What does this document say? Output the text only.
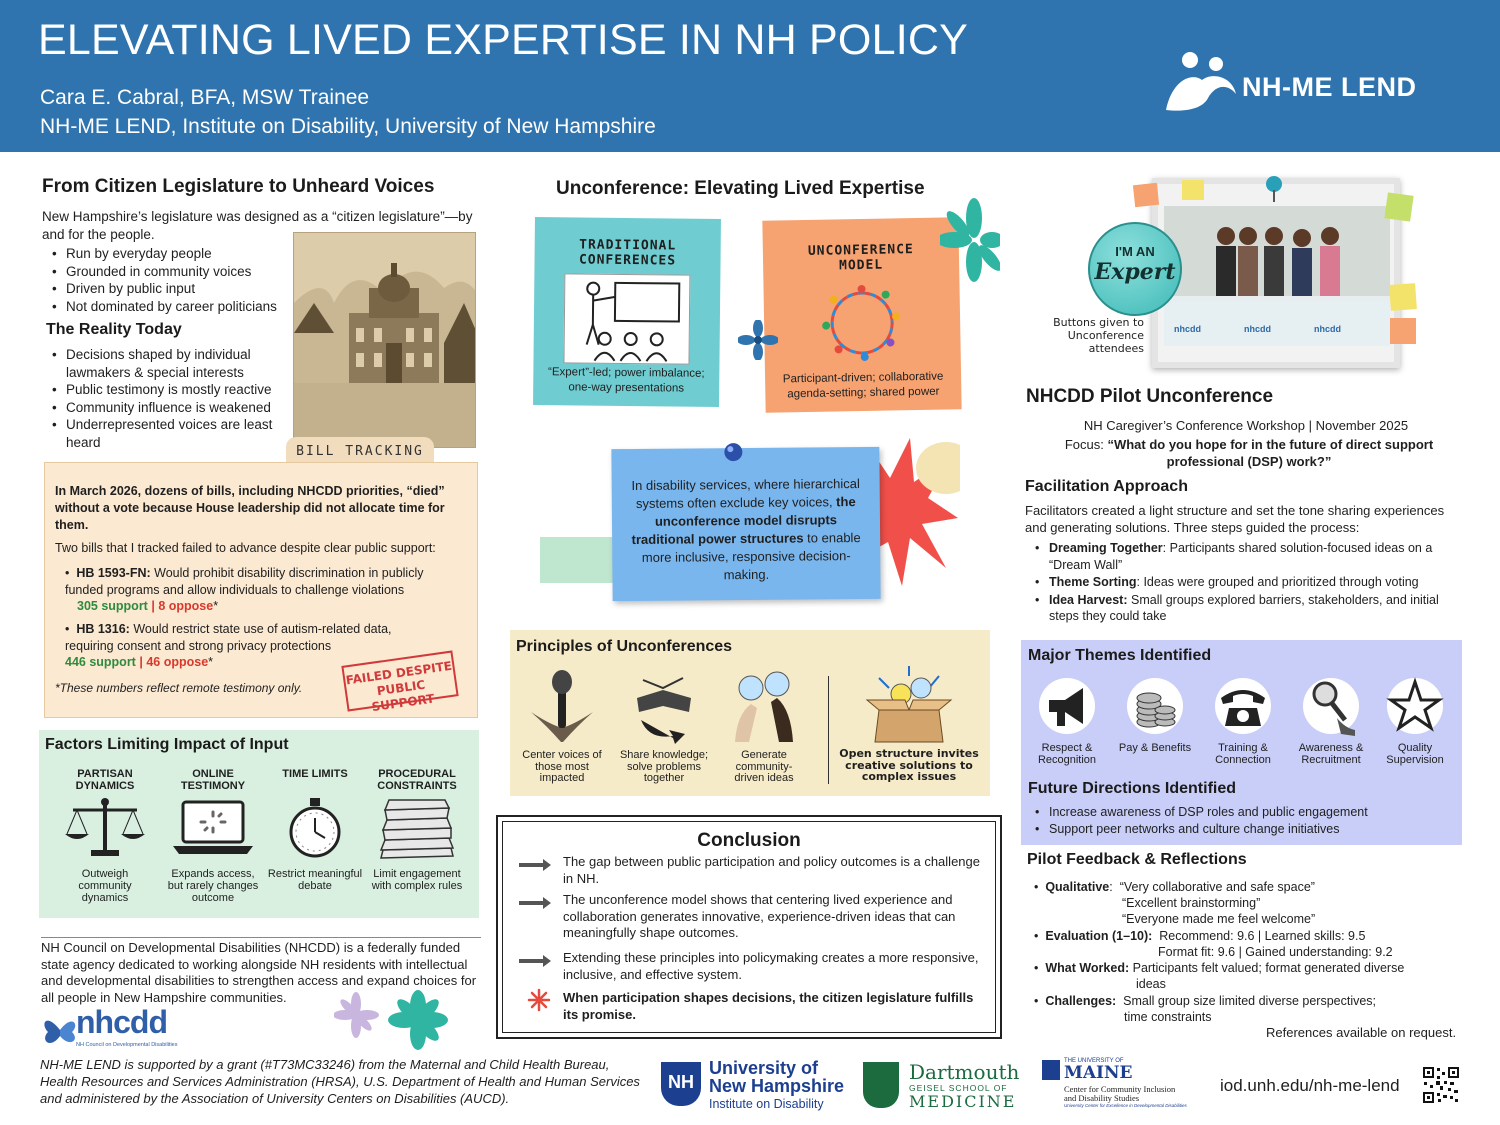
ELEVATING LIVED EXPERTISE IN NH POLICY
Cara E. Cabral, BFA, MSW Trainee
NH-ME LEND, Institute on Disability, University of New Hampshire
NH-ME LEND
From Citizen Legislature to Unheard Voices
New Hampshire’s legislature was designed as a “citizen legislature”—by and for the people.
• Run by everyday people
• Grounded in community voices
• Driven by public input
• Not dominated by career politicians
The Reality Today
• Decisions shaped by individual lawmakers & special interests
• Public testimony is mostly reactive
• Community influence is weakened
• Underrepresented voices are least heard
BILL TRACKING
In March 2026, dozens of bills, including NHCDD priorities, “died” without a vote because House leadership did not allocate time for them.
Two bills that I tracked failed to advance despite clear public support:
•  HB 1593-FN: Would prohibit disability discrimination in publicly funded programs and allow individuals to challenge violations
305 support | 8 oppose*
•  HB 1316: Would restrict state use of autism-related data, requiring consent and strong privacy protections
446 support | 46 oppose*
*These numbers reflect remote testimony only.
FAILED DESPITE PUBLIC SUPPORT
Factors Limiting Impact of Input
PARTISAN DYNAMICS
Outweigh community dynamics
ONLINE TESTIMONY
Expands access, but rarely changes outcome
TIME LIMITS
Restrict meaningful debate
PROCEDURAL CONSTRAINTS
Limit engagement with complex rules
NH Council on Developmental Disabilities (NHCDD) is a federally funded state agency dedicated to working alongside NH residents with intellectual and developmental disabilities to strengthen access and expand choices for all people in New Hampshire communities.
nhcdd
NH Council on Developmental Disabilities
NH-ME LEND is supported by a grant (#T73MC33246) from the Maternal and Child Health Bureau, Health Resources and Services Administration (HRSA), U.S. Department of Health and Human Services and administered by the Association of University Centers on Disabilities (AUCD).
Unconference: Elevating Lived Expertise
TRADITIONAL CONFERENCES
“Expert”-led; power imbalance; one-way presentations
UNCONFERENCE MODEL
Participant-driven; collaborative agenda-setting; shared power
In disability services, where hierarchical systems often exclude key voices, the unconference model disrupts traditional power structures to enable more inclusive, responsive decision-making.
Principles of Unconferences
Center voices of those most impacted
Share knowledge; solve problems together
Generate community-driven ideas
Open structure invites creative solutions to complex issues
Conclusion
The gap between public participation and policy outcomes is a challenge in NH.
The unconference model shows that centering lived experience and collaboration generates innovative, experience-driven ideas that can meaningfully shape outcomes.
Extending these principles into policymaking creates a more responsive, inclusive, and effective system.
When participation shapes decisions, the citizen legislature fulfills its promise.
nhcdd	nhcdd	nhcdd
I'M AN
Expert
Buttons given to Unconference attendees
NHCDD Pilot Unconference
NH Caregiver’s Conference Workshop | November 2025
Focus: “What do you hope for in the future of direct support professional (DSP) work?”
Facilitation Approach
Facilitators created a light structure and set the tone sharing experiences and generating solutions. Three steps guided the process:
• Dreaming Together: Participants shared solution-focused ideas on a “Dream Wall”
• Theme Sorting: Ideas were grouped and prioritized through voting
• Idea Harvest: Small groups explored barriers, stakeholders, and initial steps they could take
Major Themes Identified
Respect & Recognition
Pay & Benefits	Training & Connection
Awareness & Recruitment
Quality Supervision
Future Directions Identified
• Increase awareness of DSP roles and public engagement
• Support peer networks and culture change initiatives
Pilot Feedback & Reflections
•  Qualitative: “Very collaborative and safe space”
“Excellent brainstorming”
“Everyone made me feel welcome”
•  Evaluation (1–10): Recommend: 9.6 | Learned skills: 9.5
Format fit: 9.6 | Gained understanding: 9.2
•  What Worked: Participants felt valued; format generated diverse
ideas
•  Challenges: Small group size limited diverse perspectives;
time constraints
References available on request.
NH
University of
New Hampshire
Institute on Disability
Dartmouth
GEISEL SCHOOL OF
MEDICINE
THE UNIVERSITY OF
MAINE
Center for Community Inclusion
and Disability Studies
University Center for Excellence in Developmental Disabilities
iod.unh.edu/nh-me-lend
